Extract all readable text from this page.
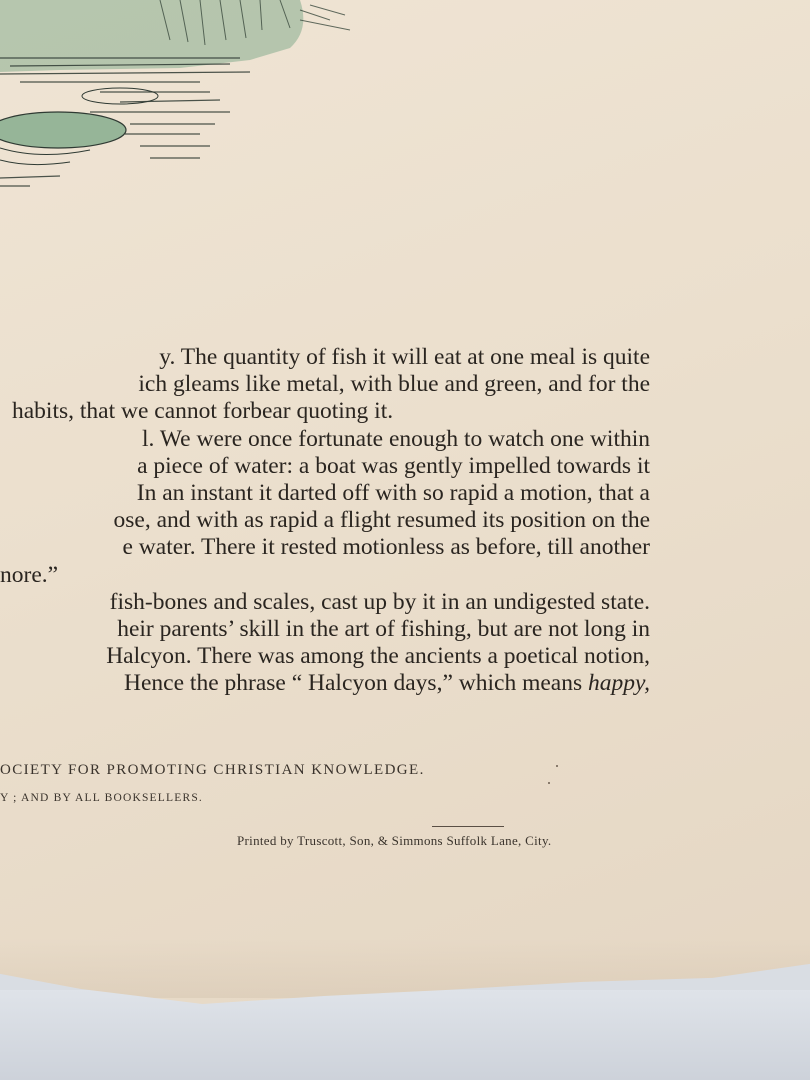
y. The quantity of fish it will eat at one meal is quite
ich gleams like metal, with blue and green, and for the
habits, that we cannot forbear quoting it.
l. We were once fortunate enough to watch one within
a piece of water: a boat was gently impelled towards it
In an instant it darted off with so rapid a motion, that a
ose, and with as rapid a flight resumed its position on the
e water. There it rested motionless as before, till another
nore.”
fish-bones and scales, cast up by it in an undigested state.
heir parents’ skill in the art of fishing, but are not long in
Halcyon. There was among the ancients a poetical notion,
Hence the phrase “ Halcyon days,” which means happy,
OCIETY FOR PROMOTING CHRISTIAN KNOWLEDGE.
Y ; AND BY ALL BOOKSELLERS.
Printed by Truscott, Son, & Simmons Suffolk Lane, City.
